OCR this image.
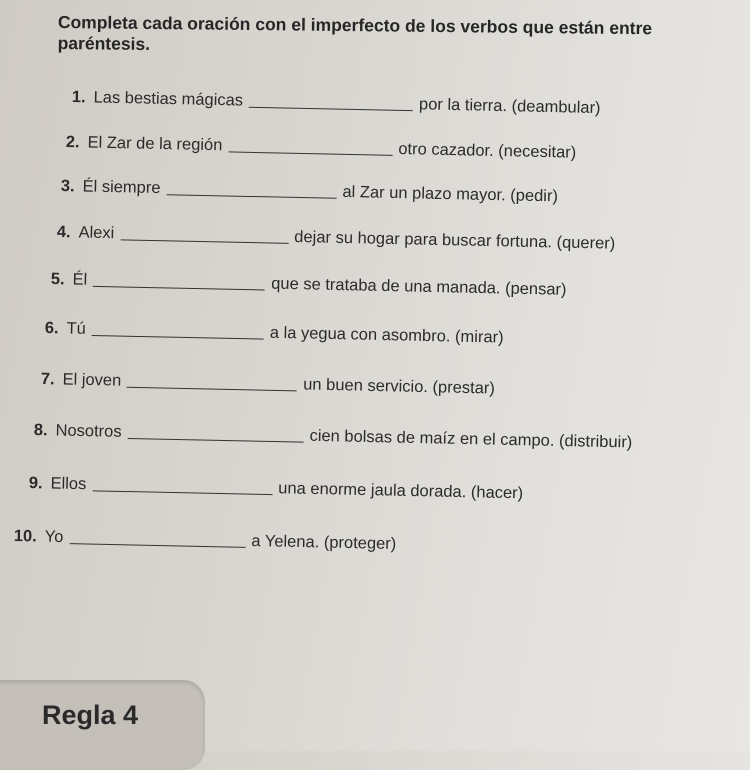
Completa cada oración con el imperfecto de los verbos que están entre paréntesis.
1. Las bestias mágicas	por la tierra. (deambular)
2. El Zar de la región	otro cazador. (necesitar)
3. Él siempre	al Zar un plazo mayor. (pedir)
4. Alexi	dejar su hogar para buscar fortuna. (querer)
5. Él	que se trataba de una manada. (pensar)
6. Tú	a la yegua con asombro. (mirar)
7. El joven	un buen servicio. (prestar)
8. Nosotros	cien bolsas de maíz en el campo. (distribuir)
9. Ellos	una enorme jaula dorada. (hacer)
10. Yo	a Yelena. (proteger)
Regla 4
